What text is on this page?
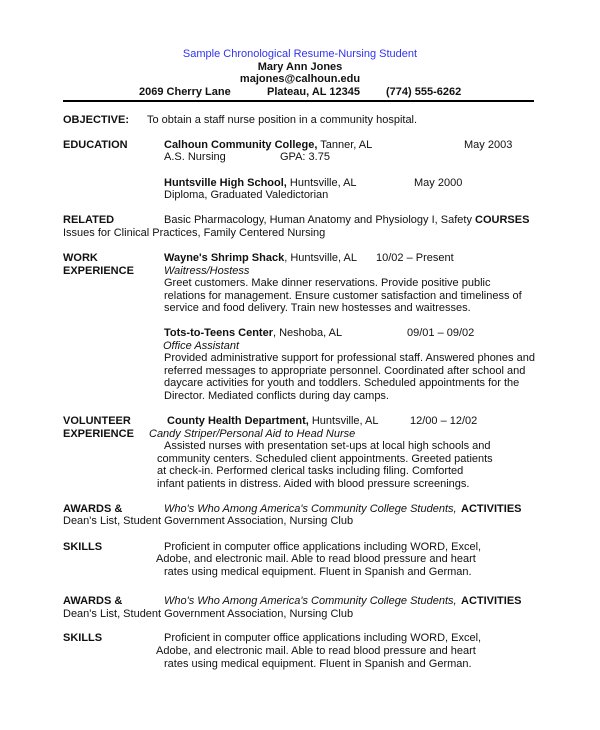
Sample Chronological Resume-Nursing Student
Mary Ann Jones
majones@calhoun.edu
2069 Cherry Lane	Plateau, AL 12345 (774) 555-6262
OBJECTIVE: To obtain a staff nurse position in a community hospital.
EDUCATION	Calhoun Community College, Tanner, AL	May 2003
A.S. Nursing	GPA: 3.75
Huntsville High School, Huntsville, AL	May 2000
Diploma, Graduated Valedictorian
RELATED	Basic Pharmacology, Human Anatomy and Physiology I, Safety COURSES
Issues for Clinical Practices, Family Centered Nursing
WORK
EXPERIENCE
Wayne's Shrimp Shack, Huntsville, AL 10/02 – Present
Waitress/Hostess
Greet customers. Make dinner reservations. Provide positive public
relations for management. Ensure customer satisfaction and timeliness of
service and food delivery. Train new hostesses and waitresses.
Tots-to-Teens Center, Neshoba, AL	09/01 – 09/02
Office Assistant
Provided administrative support for professional staff. Answered phones and
referred messages to appropriate personnel. Coordinated after school and
daycare activities for youth and toddlers. Scheduled appointments for the
Director. Mediated conflicts during day camps.
VOLUNTEER
EXPERIENCE
County Health Department, Huntsville, AL	12/00 – 12/02
Candy Striper/Personal Aid to Head Nurse
Assisted nurses with presentation set-ups at local high schools and
community centers. Scheduled client appointments. Greeted patients
at check-in. Performed clerical tasks including filing. Comforted
infant patients in distress. Aided with blood pressure screenings.
AWARDS &	Who's Who Among America's Community College Students, ACTIVITIES
Dean's List, Student Government Association, Nursing Club
SKILLS	Proficient in computer office applications including WORD, Excel,
Adobe, and electronic mail. Able to read blood pressure and heart
rates using medical equipment. Fluent in Spanish and German.
AWARDS &	Who's Who Among America's Community College Students, ACTIVITIES
Dean's List, Student Government Association, Nursing Club
SKILLS	Proficient in computer office applications including WORD, Excel,
Adobe, and electronic mail. Able to read blood pressure and heart
rates using medical equipment. Fluent in Spanish and German.
